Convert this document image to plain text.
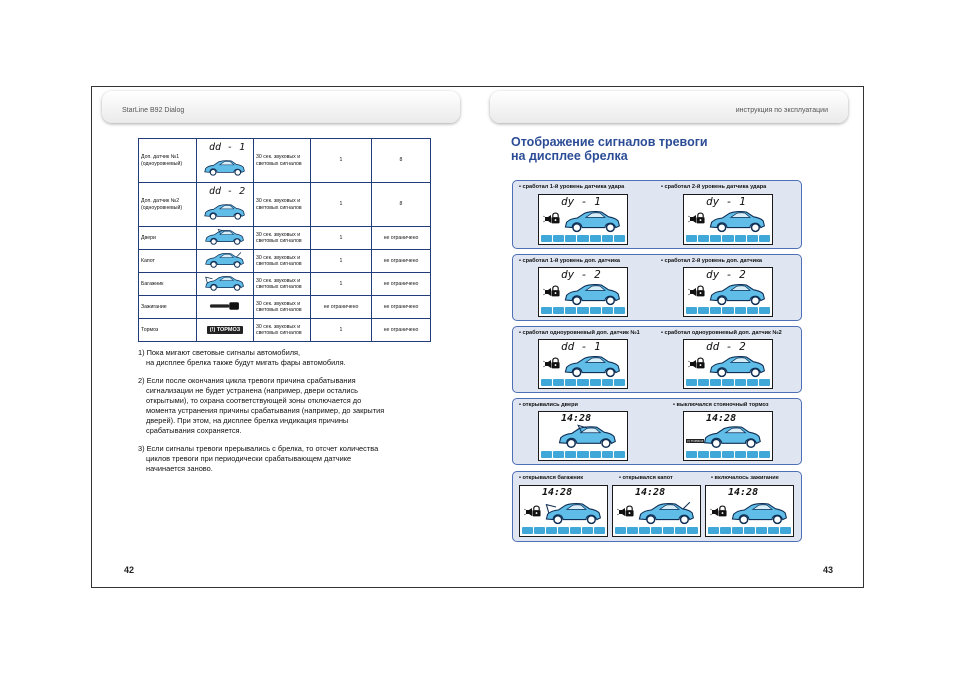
StarLine B92 Dialog
Доп. датчик №1 (одноуровневый)	dd - 1	30 сек. звуковых и световых сигналов	1	8
Доп. датчик №2 (одноуровневый)	dd - 2	30 сек. звуковых и световых сигналов	1	8
Двери		30 сек. звуковых и световых сигналов	1	не ограничено
Капот		30 сек. звуковых и световых сигналов	1	не ограничено
Багажник		30 сек. звуковых и световых сигналов	1	не ограничено
Зажигание		30 сек. звуковых и световых сигналов	не ограничено	не ограничено
Тормоз	(!) ТОРМОЗ	30 сек. звуковых и световых сигналов	1	не ограничено
1) Пока мигают световые сигналы автомобиля,
на дисплее брелка также будут мигать фары автомобиля.
2) Если после окончания цикла тревоги причина срабатывания
сигнализации не будет устранена (например, двери остались
открытыми), то охрана соответствующей зоны отключается до
момента устранения причины срабатывания (например, до закрытия
дверей). При этом, на дисплее брелка индикация причины
срабатывания сохраняется.
3) Если сигналы тревоги прерывались с брелка, то отсчет количества
циклов тревоги при периодически срабатывающем датчике
начинается заново.
42
инструкция по эксплуатации
Отображение сигналов тревоги
на дисплее брелка
• сработал 1-й уровень датчика удара	• сработал 2-й уровень датчика удара
dy - 1	dy - 1
• сработал 1-й уровень доп. датчика	• сработал 2-й уровень доп. датчика
dy - 2	dy - 2
• сработал одноуровневый доп. датчик №1	• сработал одноуровневый доп. датчик №2
dd - 1	dd - 2
• открывались двери	• выключался стояночный тормоз
14:28	14:28
(!) ТОРМОЗ
• открывался багажник	• открывался капот	• включалось зажигание
14:28	14:28	14:28
43
